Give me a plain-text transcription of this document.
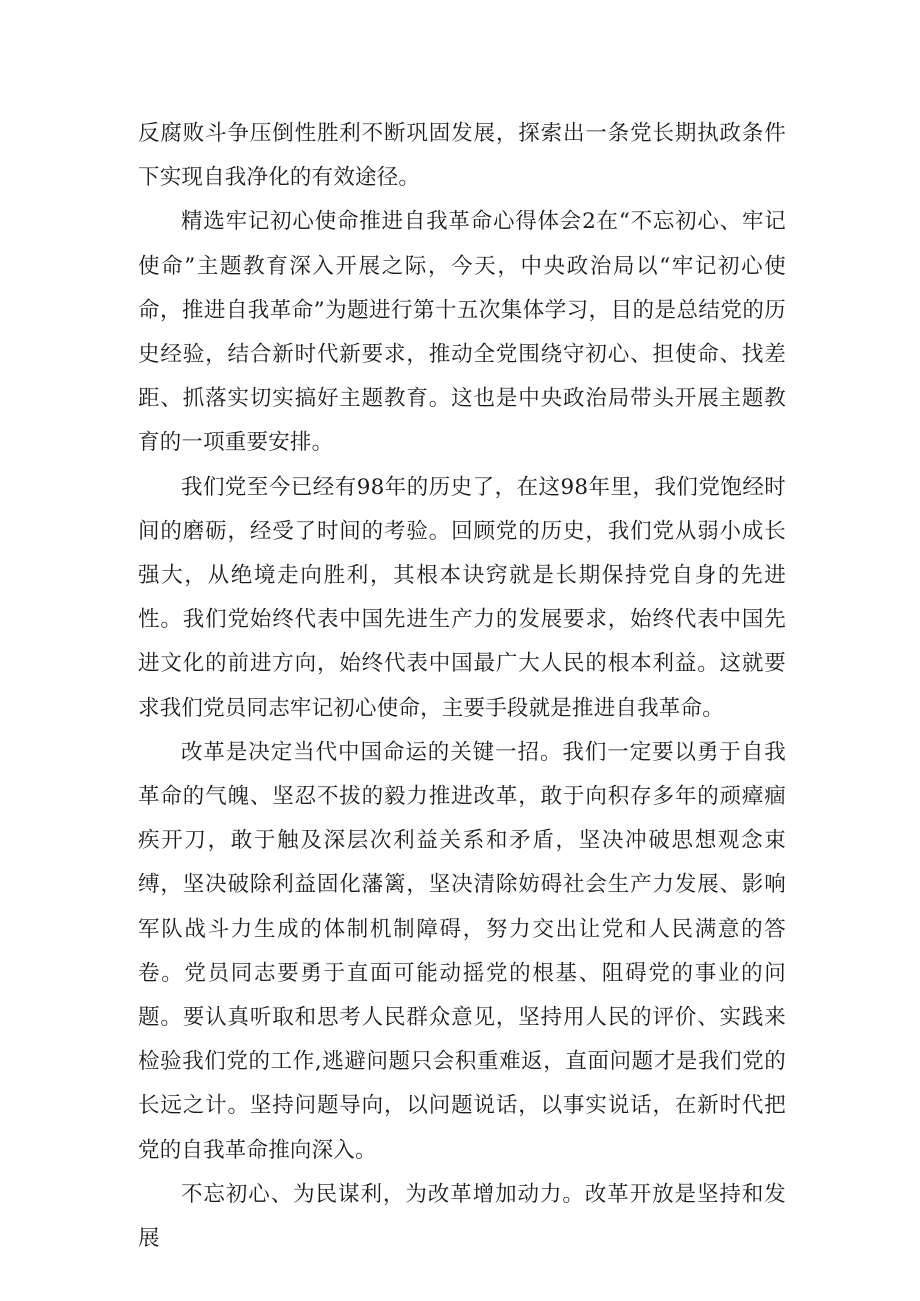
反腐败斗争压倒性胜利不断巩固发展，探索出一条党长期执政条件下实现自我净化的有效途径。

精选牢记初心使命推进自我革命心得体会2在“不忘初心、牢记使命”主题教育深入开展之际，今天，中央政治局以“牢记初心使命，推进自我革命”为题进行第十五次集体学习，目的是总结党的历史经验，结合新时代新要求，推动全党围绕守初心、担使命、找差距、抓落实切实搞好主题教育。这也是中央政治局带头开展主题教育的一项重要安排。

我们党至今已经有98年的历史了，在这98年里，我们党饱经时间的磨砺，经受了时间的考验。回顾党的历史，我们党从弱小成长强大，从绝境走向胜利，其根本诀窍就是长期保持党自身的先进性。我们党始终代表中国先进生产力的发展要求，始终代表中国先进文化的前进方向，始终代表中国最广大人民的根本利益。这就要求我们党员同志牢记初心使命，主要手段就是推进自我革命。

改革是决定当代中国命运的关键一招。我们一定要以勇于自我革命的气魄、坚忍不拔的毅力推进改革，敢于向积存多年的顽瘴痼疾开刀，敢于触及深层次利益关系和矛盾，坚决冲破思想观念束缚，坚决破除利益固化藩篱，坚决清除妨碍社会生产力发展、影响军队战斗力生成的体制机制障碍，努力交出让党和人民满意的答卷。党员同志要勇于直面可能动摇党的根基、阻碍党的事业的问题。要认真听取和思考人民群众意见，坚持用人民的评价、实践来检验我们党的工作,逃避问题只会积重难返，直面问题才是我们党的长远之计。坚持问题导向，以问题说话，以事实说话，在新时代把党的自我革命推向深入。

不忘初心、为民谋利，为改革增加动力。改革开放是坚持和发展
